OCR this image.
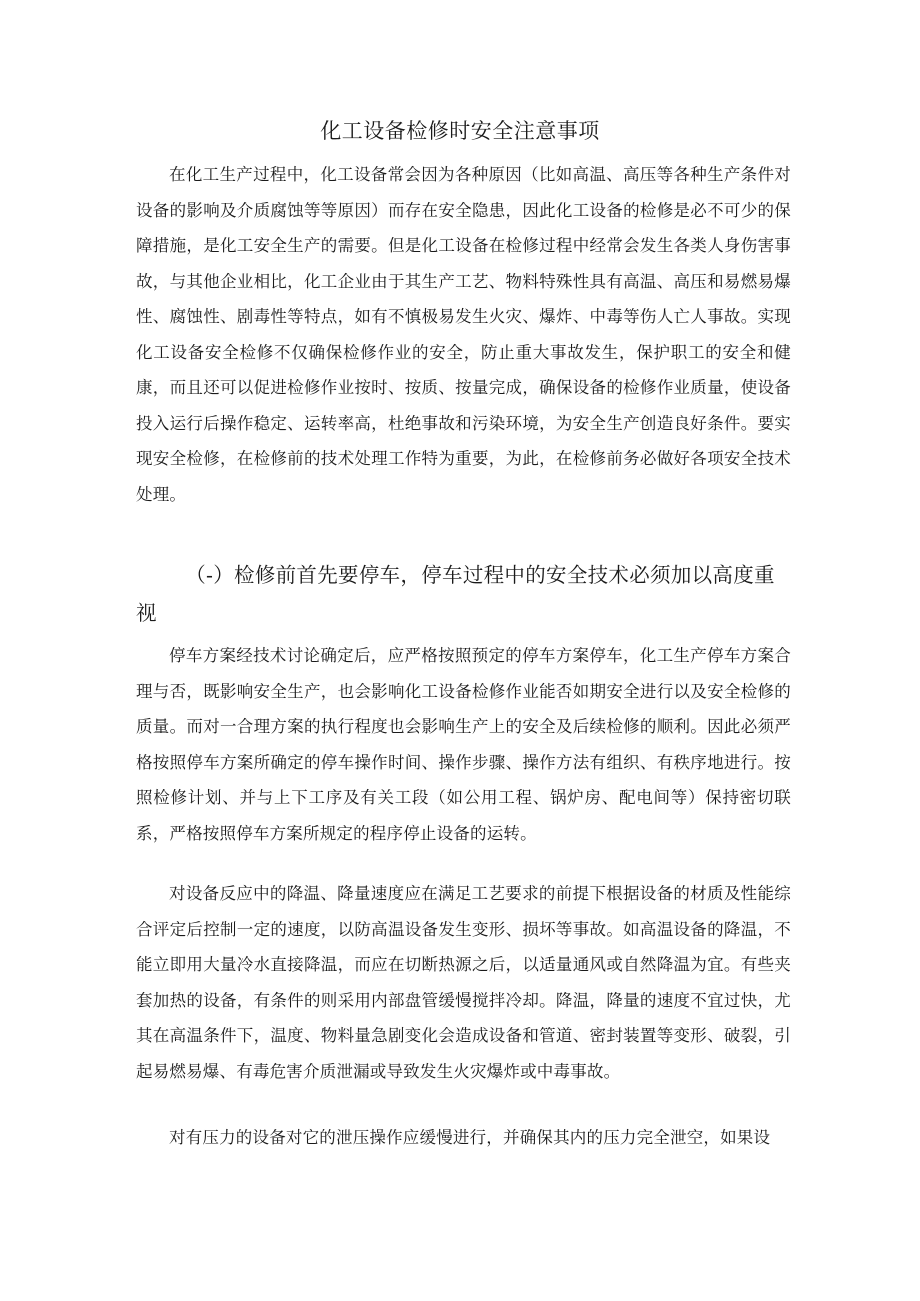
化工设备检修时安全注意事项

在化工生产过程中，化工设备常会因为各种原因（比如高温、高压等各种生产条件对设备的影响及介质腐蚀等等原因）而存在安全隐患，因此化工设备的检修是必不可少的保障措施，是化工安全生产的需要。但是化工设备在检修过程中经常会发生各类人身伤害事故，与其他企业相比，化工企业由于其生产工艺、物料特殊性具有高温、高压和易燃易爆性、腐蚀性、剧毒性等特点，如有不慎极易发生火灾、爆炸、中毒等伤人亡人事故。实现化工设备安全检修不仅确保检修作业的安全，防止重大事故发生，保护职工的安全和健康，而且还可以促进检修作业按时、按质、按量完成，确保设备的检修作业质量，使设备投入运行后操作稳定、运转率高，杜绝事故和污染环境，为安全生产创造良好条件。要实现安全检修，在检修前的技术处理工作特为重要，为此，在检修前务必做好各项安全技术处理。

（-）检修前首先要停车，停车过程中的安全技术必须加以高度重视

停车方案经技术讨论确定后，应严格按照预定的停车方案停车，化工生产停车方案合理与否，既影响安全生产，也会影响化工设备检修作业能否如期安全进行以及安全检修的质量。而对一合理方案的执行程度也会影响生产上的安全及后续检修的顺利。因此必须严格按照停车方案所确定的停车操作时间、操作步骤、操作方法有组织、有秩序地进行。按照检修计划、并与上下工序及有关工段（如公用工程、锅炉房、配电间等）保持密切联系，严格按照停车方案所规定的程序停止设备的运转。

对设备反应中的降温、降量速度应在满足工艺要求的前提下根据设备的材质及性能综合评定后控制一定的速度，以防高温设备发生变形、损坏等事故。如高温设备的降温，不能立即用大量冷水直接降温，而应在切断热源之后，以适量通风或自然降温为宜。有些夹套加热的设备，有条件的则采用内部盘管缓慢搅拌冷却。降温，降量的速度不宜过快，尤其在高温条件下，温度、物料量急剧变化会造成设备和管道、密封装置等变形、破裂，引起易燃易爆、有毒危害介质泄漏或导致发生火灾爆炸或中毒事故。

对有压力的设备对它的泄压操作应缓慢进行，并确保其内的压力完全泄空，如果设
